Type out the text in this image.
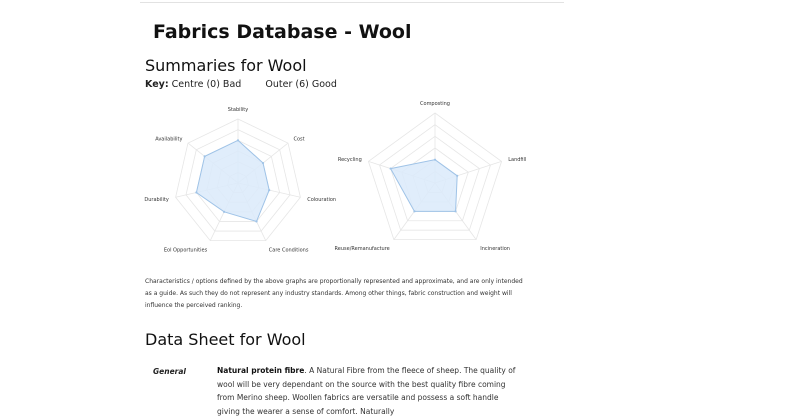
Fabrics Database - Wool
Summaries for Wool
Key: Centre (0) Bad	Outer (6) Good
Stability
Cost
Colouration
Care Conditions
Eol Opportunities
Durability
Availability
Composting
Landfill
Incineration
Reuse/Remanufacture
Recycling
Characteristics / options defined by the above graphs are proportionally represented and approximate, and are only intended as a guide. As such they do not represent any industry standards. Among other things, fabric construction and weight will influence the perceived ranking.
Data Sheet for Wool
General	Natural protein fibre. A Natural Fibre from the fleece of sheep. The quality of wool will be very dependant on the source with the best quality fibre coming from Merino sheep. Woollen fabrics are versatile and possess a soft handle giving the wearer a sense of comfort. Naturally
